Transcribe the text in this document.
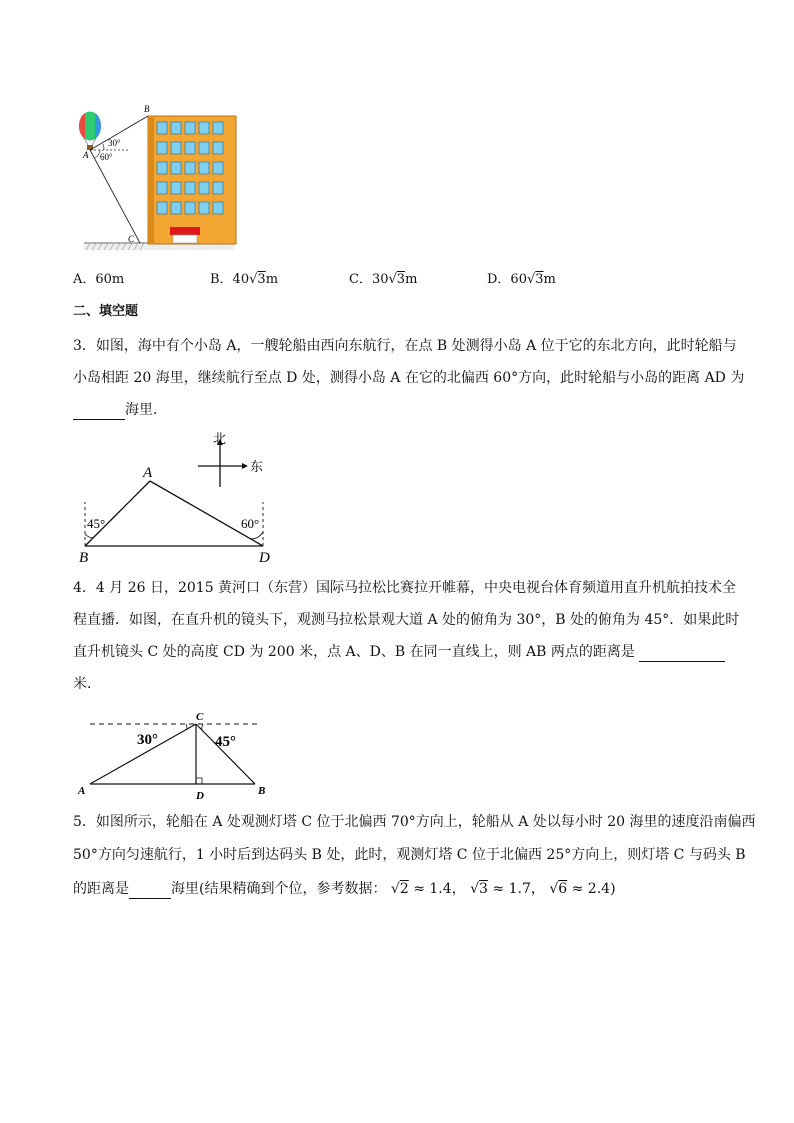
B
A
C
30°
60°
A．60m	B．40√3m	C．30√3m	D．60√3m
二、填空题
3．如图，海中有个小岛 A，一艘轮船由西向东航行，在点 B 处测得小岛 A 位于它的东北方向，此时轮船与
小岛相距 20 海里，继续航行至点 D 处，测得小岛 A 在它的北偏西 60°方向，此时轮船与小岛的距离 AD 为
海里．
北
东
A
B	D
45°	60°
4．4 月 26 日，2015 黄河口（东营）国际马拉松比赛拉开帷幕，中央电视台体育频道用直升机航拍技术全
程直播．如图，在直升机的镜头下，观测马拉松景观大道 A 处的俯角为 30°，B 处的俯角为 45°．如果此时
直升机镜头 C 处的高度 CD 为 200 米，点 A、D、B 在同一直线上，则 AB 两点的距离是
米．
30°	45°
C
A	D	B
5．如图所示，轮船在 A 处观测灯塔 C 位于北偏西 70°方向上，轮船从 A 处以每小时 20 海里的速度沿南偏西
50°方向匀速航行，1 小时后到达码头 B 处，此时，观测灯塔 C 位于北偏西 25°方向上，则灯塔 C 与码头 B
的距离是	海里(结果精确到个位，参考数据： √2 ≈ 1.4， √3 ≈ 1.7， √6 ≈ 2.4)
